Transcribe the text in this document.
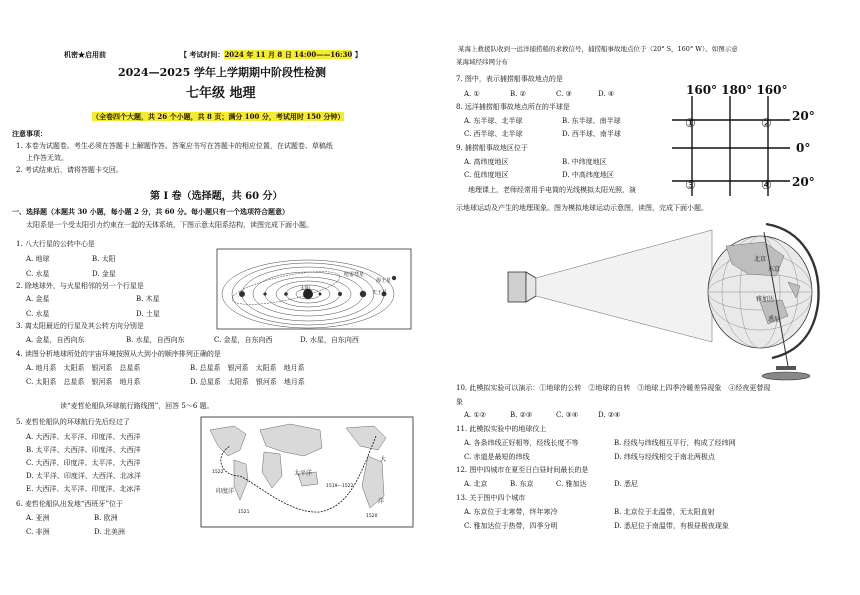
机密★启用前	【 考试时间：2024 年 11 月 8 日 14:00——16:30 】
2024—2025 学年上学期期中阶段性检测
七年级 地理
（全卷四个大题，共 26 个小题，共 8 页；满分 100 分，考试用时 150 分钟）
注意事项：
1. 本卷为试题卷。考生必须在答题卡上解题作答。答案应书写在答题卡的相应位置，在试题卷、草稿纸
上作答无效。
2. 考试结束后，请将答题卡交回。
第 I 卷（选择题，共 60 分）
一、选择题（本题共 30 小题，每小题 2 分，共 60 分。每小题只有一个选项符合题意）
太阳系是一个受太阳引力约束在一起的天体系统，下图示意太阳系结构，读图完成下面小题。
1. 八大行星的公转中心是
A. 地球	B. 太阳
C. 水星	D. 金星
2. 除地球外，与火星相邻的另一个行星是
A. 金星	B. 木星
C. 水星	D. 土星
3. 离太阳最近的行星及其公转方向分别是
A. 金星，自西向东	B. 水星，自西向东	C. 金星，自东向西	D. 水星，自东向西
4. 读图分析地球所处的宇宙环境按照从大到小的顺序排列正确的是
A. 地月系　太阳系　银河系　总星系	B. 总星系　银河系　太阳系　地月系
C. 太阳系　总星系　银河系　地月系	D. 总星系　太阳系　银河系　地月系
太阳
哈雷彗星
海王星
天王星
读“麦哲伦船队环球航行路线图”，回答 5～6 题。
5. 麦哲伦船队的环球航行先后经过了
A. 大西洋、太平洋、印度洋、大西洋
B. 太平洋、大西洋、印度洋、大西洋
C. 大西洋、印度洋、太平洋、大西洋
D. 太平洋、印度洋、大西洋、北冰洋
E. 大西洋、太平洋、印度洋、北冰洋
6. 麦哲伦船队出发地“西班牙”位于
A. 亚洲	B. 欧洲
C. 非洲	D. 北美洲
太平洋
印度洋
大
洋
1519—1522
1521
1520
1522
某海上救援队收到一远洋捕捞船的求救信号，捕捞船事故地点位于（20° S，160° W）。如图示意
某海域经纬网分布
7. 图中，表示捕捞船事故地点的是
A. ①	B. ②	C. ③	D. ④
8. 远洋捕捞船事故地点所在的半球是
A. 东半球、北半球	B. 东半球、南半球
C. 西半球、北半球	D. 西半球、南半球
9. 捕捞船事故地区位于
A. 高纬度地区	B. 中纬度地区
C. 低纬度地区	D. 中高纬度地区
160° 180° 160°
①	②
③	④
20°
0°
20°
地理课上，老师经常用手电筒的光线模拟太阳光照，演
示地球运动及产生的地理现象。图为模拟地球运动示意图，读图，完成下面小题。
北京
东京
雅加达
悉尼
10. 此模拟实验可以演示：①地球的公转　②地球的自转　③地球上四季冷暖差异现象　④经夜更替现
象
A. ①②	B. ②③	C. ③④	D. ②④
11. 此模拟实验中的地球仪上
A. 各条纬线正好相等，经线长度不等	B. 经线与纬线相互平行，构成了经纬网
C. 赤道是最短的纬线	D. 纬线与经线相交于南北两极点
12. 图中四城市在夏至日白昼时间最长的是
A. 北京	B. 东京	C. 雅加达	D. 悉尼
13. 关于图中四个城市
A. 东京位于北寒带，终年寒冷	B. 北京位于北温带，无太阳直射
C. 雅加达位于热带，四季分明	D. 悉尼位于南温带，有极昼极夜现象
